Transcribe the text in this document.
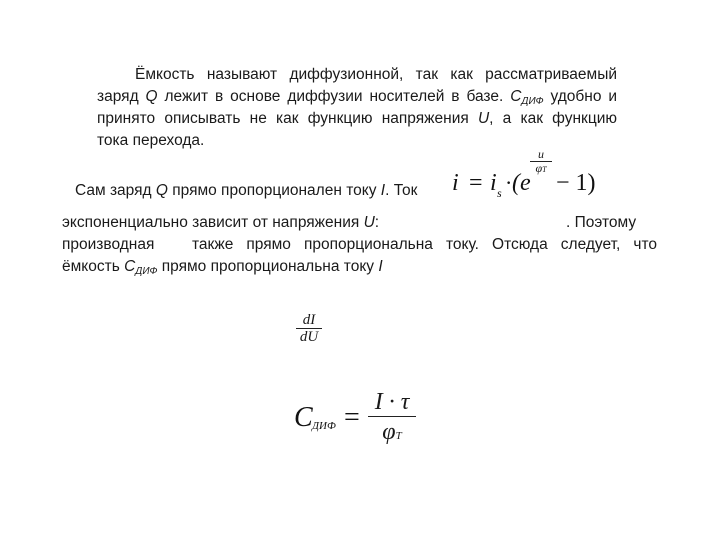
Ёмкость называют диффузионной, так как рассматриваемый
заряд Q лежит в основе диффузии носителей в базе. $C_{ДИФ}$ удобно и
принято описывать не как функцию напряжения U, а как функцию
тока перехода.
Сам заряд Q прямо пропорционален току I. Ток
экспоненциально зависит от напряжения U:	. Поэтому
производная также прямо пропорциональна току. Отсюда следует, что
ёмкость $C_{ДИФ}$ прямо пропорциональна току I
i = i s · (e
u
φT
− 1)
dI
dU
C ДИФ = I · τ
φT
